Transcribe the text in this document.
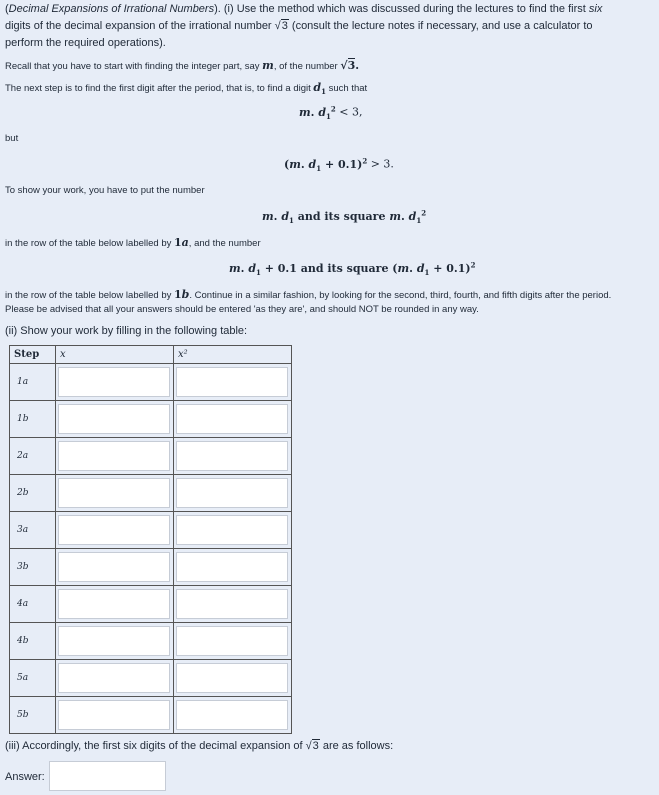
(Decimal Expansions of Irrational Numbers). (i) Use the method which was discussed during the lectures to find the first six

digits of the decimal expansion of the irrational number √3 (consult the lecture notes if necessary, and use a calculator to

perform the required operations).

Recall that you have to start with finding the integer part, say m, of the number √3.

The next step is to find the first digit after the period, that is, to find a digit $d_1$ such that

m. $d_1^2 < 3$,

but

(m. $d_1 + 0.1)^2 > 3$.

To show your work, you have to put the number

m. $d_1$ and its square m. $d_1^2$

in the row of the table below labelled by 1a, and the number

m. $d_1 + 0.1$ and its square (m. $d_1 + 0.1)^2$

in the row of the table below labelled by 1b. Continue in a similar fashion, by looking for the second, third, fourth, and fifth digits after the period.

Please be advised that all your answers should be entered 'as they are', and should NOT be rounded in any way.

(ii) Show your work by filling in the following table:

Step	x	x²
1a	

1b	

2a	

2b	

3a	

3b	

4a	

4b	

5a	

5b	

(iii) Accordingly, the first six digits of the decimal expansion of √3 are as follows:

Answer:
